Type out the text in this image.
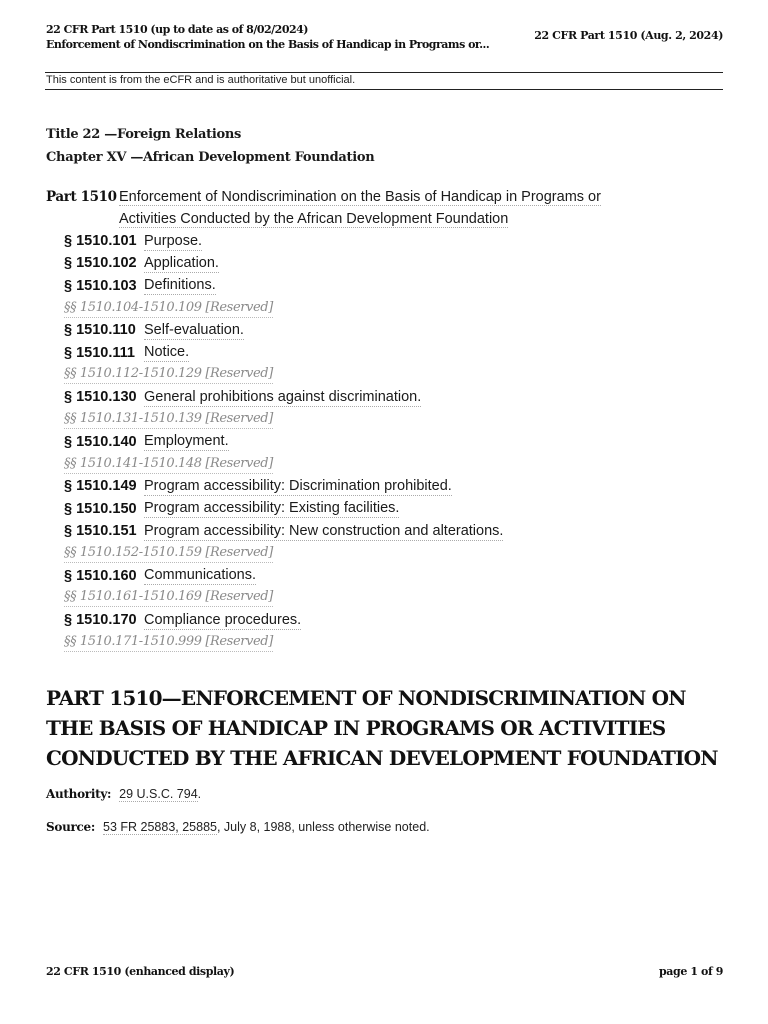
22 CFR Part 1510 (up to date as of 8/02/2024)
Enforcement of Nondiscrimination on the Basis of Handicap in Programs or...
22 CFR Part 1510 (Aug. 2, 2024)
This content is from the eCFR and is authoritative but unofficial.
Title 22 —Foreign Relations
Chapter XV —African Development Foundation
Part 1510 Enforcement of Nondiscrimination on the Basis of Handicap in Programs or Activities Conducted by the African Development Foundation
§ 1510.101 Purpose.
§ 1510.102 Application.
§ 1510.103 Definitions.
§§ 1510.104-1510.109 [Reserved]
§ 1510.110 Self-evaluation.
§ 1510.111 Notice.
§§ 1510.112-1510.129 [Reserved]
§ 1510.130 General prohibitions against discrimination.
§§ 1510.131-1510.139 [Reserved]
§ 1510.140 Employment.
§§ 1510.141-1510.148 [Reserved]
§ 1510.149 Program accessibility: Discrimination prohibited.
§ 1510.150 Program accessibility: Existing facilities.
§ 1510.151 Program accessibility: New construction and alterations.
§§ 1510.152-1510.159 [Reserved]
§ 1510.160 Communications.
§§ 1510.161-1510.169 [Reserved]
§ 1510.170 Compliance procedures.
§§ 1510.171-1510.999 [Reserved]
PART 1510—ENFORCEMENT OF NONDISCRIMINATION ON THE BASIS OF HANDICAP IN PROGRAMS OR ACTIVITIES CONDUCTED BY THE AFRICAN DEVELOPMENT FOUNDATION
Authority: 29 U.S.C. 794.
Source: 53 FR 25883, 25885, July 8, 1988, unless otherwise noted.
22 CFR 1510 (enhanced display)	page 1 of 9
